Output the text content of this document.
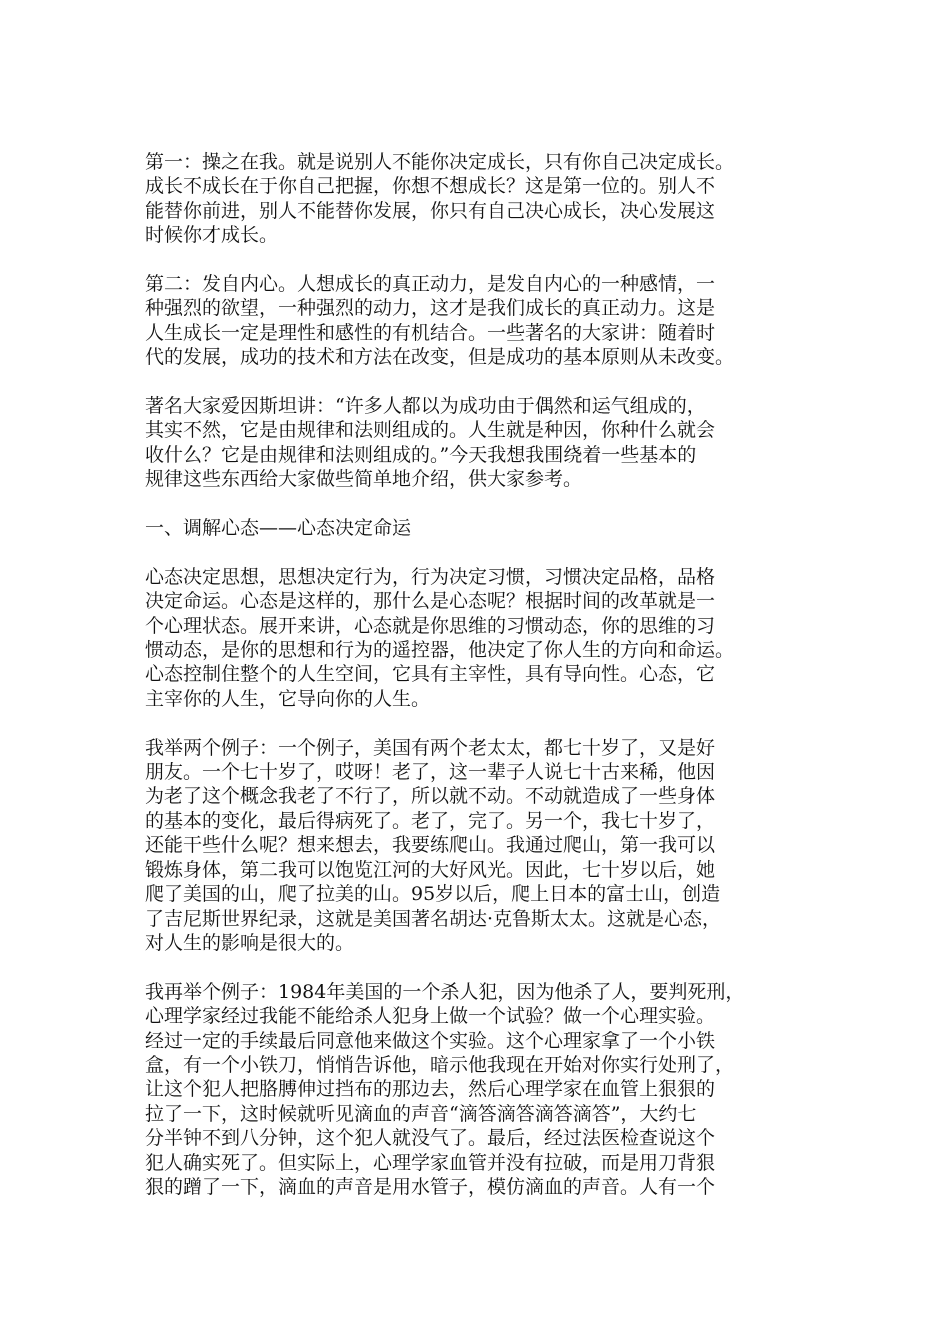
第一：操之在我。就是说别人不能你决定成长，只有你自己决定成长。
成长不成长在于你自己把握，你想不想成长？这是第一位的。别人不
能替你前进，别人不能替你发展，你只有自己决心成长，决心发展这
时候你才成长。

第二：发自内心。人想成长的真正动力，是发自内心的一种感情，一
种强烈的欲望，一种强烈的动力，这才是我们成长的真正动力。这是
人生成长一定是理性和感性的有机结合。一些著名的大家讲：随着时
代的发展，成功的技术和方法在改变，但是成功的基本原则从未改变。

著名大家爱因斯坦讲：“许多人都以为成功由于偶然和运气组成的，
其实不然，它是由规律和法则组成的。人生就是种因，你种什么就会
收什么？它是由规律和法则组成的。”今天我想我围绕着一些基本的
规律这些东西给大家做些简单地介绍，供大家参考。

一、调解心态——心态决定命运

心态决定思想，思想决定行为，行为决定习惯，习惯决定品格，品格
决定命运。心态是这样的，那什么是心态呢？根据时间的改革就是一
个心理状态。展开来讲，心态就是你思维的习惯动态，你的思维的习
惯动态，是你的思想和行为的遥控器，他决定了你人生的方向和命运。
心态控制住整个的人生空间，它具有主宰性，具有导向性。心态，它
主宰你的人生，它导向你的人生。

我举两个例子：一个例子，美国有两个老太太，都七十岁了，又是好
朋友。一个七十岁了，哎呀！老了，这一辈子人说七十古来稀，他因
为老了这个概念我老了不行了，所以就不动。不动就造成了一些身体
的基本的变化，最后得病死了。老了，完了。另一个，我七十岁了，
还能干些什么呢？想来想去，我要练爬山。我通过爬山，第一我可以
锻炼身体，第二我可以饱览江河的大好风光。因此，七十岁以后，她
爬了美国的山，爬了拉美的山。95岁以后，爬上日本的富士山，创造
了吉尼斯世界纪录，这就是美国著名胡达·克鲁斯太太。这就是心态，
对人生的影响是很大的。

我再举个例子：1984年美国的一个杀人犯，因为他杀了人，要判死刑，
心理学家经过我能不能给杀人犯身上做一个试验？做一个心理实验。
经过一定的手续最后同意他来做这个实验。这个心理家拿了一个小铁
盒，有一个小铁刀，悄悄告诉他，暗示他我现在开始对你实行处刑了，
让这个犯人把胳膊伸过挡布的那边去，然后心理学家在血管上狠狠的
拉了一下，这时候就听见滴血的声音“滴答滴答滴答滴答”，大约七
分半钟不到八分钟，这个犯人就没气了。最后，经过法医检查说这个
犯人确实死了。但实际上，心理学家血管并没有拉破，而是用刀背狠
狠的蹭了一下，滴血的声音是用水管子，模仿滴血的声音。人有一个
